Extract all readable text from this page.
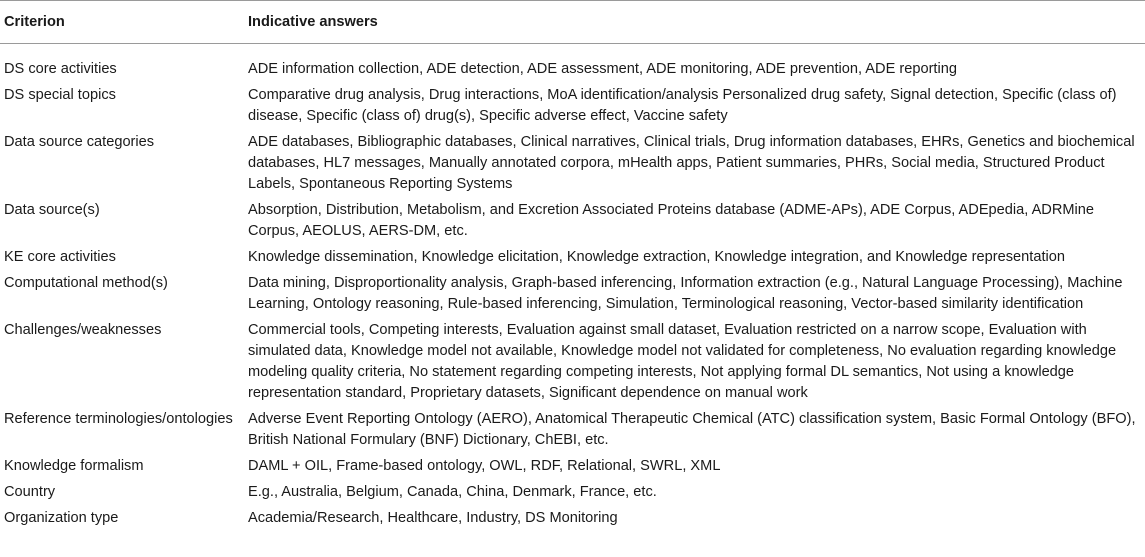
Criterion	Indicative answers
DS core activities	ADE information collection, ADE detection, ADE assessment, ADE monitoring, ADE prevention, ADE reporting
DS special topics	Comparative drug analysis, Drug interactions, MoA identification/analysis Personalized drug safety, Signal detection, Specific (class of) disease, Specific (class of) drug(s), Specific adverse effect, Vaccine safety
Data source categories	ADE databases, Bibliographic databases, Clinical narratives, Clinical trials, Drug information databases, EHRs, Genetics and biochemical databases, HL7 messages, Manually annotated corpora, mHealth apps, Patient summaries, PHRs, Social media, Structured Product Labels, Spontaneous Reporting Systems
Data source(s)	Absorption, Distribution, Metabolism, and Excretion Associated Proteins database (ADME-APs), ADE Corpus, ADEpedia, ADRMine Corpus, AEOLUS, AERS-DM, etc.
KE core activities	Knowledge dissemination, Knowledge elicitation, Knowledge extraction, Knowledge integration, and Knowledge representation
Computational method(s)	Data mining, Disproportionality analysis, Graph-based inferencing, Information extraction (e.g., Natural Language Processing), Machine Learning, Ontology reasoning, Rule-based inferencing, Simulation, Terminological reasoning, Vector-based similarity identification
Challenges/weaknesses	Commercial tools, Competing interests, Evaluation against small dataset, Evaluation restricted on a narrow scope, Evaluation with simulated data, Knowledge model not available, Knowledge model not validated for completeness, No evaluation regarding knowledge modeling quality criteria, No statement regarding competing interests, Not applying formal DL semantics, Not using a knowledge representation standard, Proprietary datasets, Significant dependence on manual work
Reference terminologies/ontologies	Adverse Event Reporting Ontology (AERO), Anatomical Therapeutic Chemical (ATC) classification system, Basic Formal Ontology (BFO), British National Formulary (BNF) Dictionary, ChEBI, etc.
Knowledge formalism	DAML + OIL, Frame-based ontology, OWL, RDF, Relational, SWRL, XML
Country	E.g., Australia, Belgium, Canada, China, Denmark, France, etc.
Organization type	Academia/Research, Healthcare, Industry, DS Monitoring
